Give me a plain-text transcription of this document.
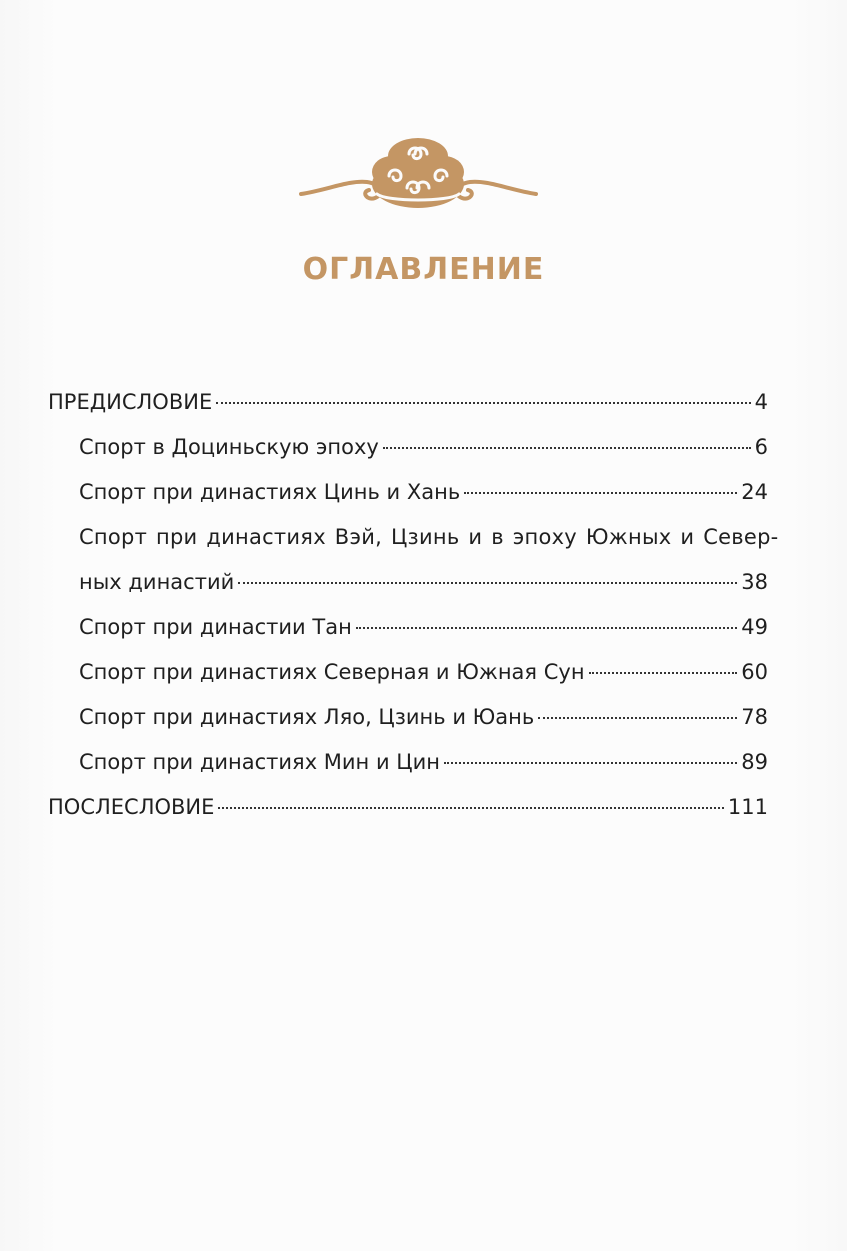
ОГЛАВЛЕНИЕ
ПРЕДИСЛОВИЕ	4
Спорт в Доциньскую эпоху	6
Спорт при династиях Цинь и Хань	24
Спорт при династиях Вэй, Цзинь и в эпоху Южных и Север-
ных династий	38
Спорт при династии Тан	49
Спорт при династиях Северная и Южная Сун	60
Спорт при династиях Ляо, Цзинь и Юань	78
Спорт при династиях Мин и Цин	89
ПОСЛЕСЛОВИЕ	111
